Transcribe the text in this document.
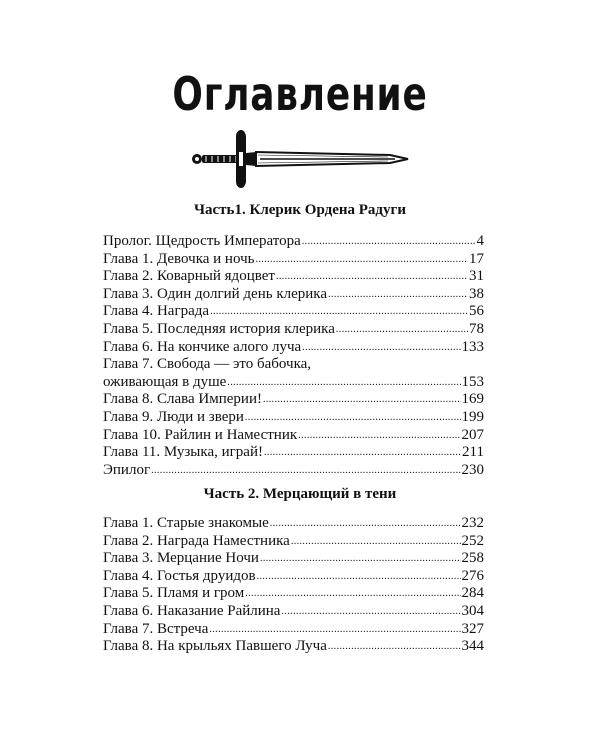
Оглавление
Часть1. Клерик Ордена Радуги
Пролог. Щедрость Императора .....	4
Глава 1. Девочка и ночь .....	17
Глава 2. Коварный ядоцвет .....	31
Глава 3. Один долгий день клерика .....	38
Глава 4. Награда .....	56
Глава 5. Последняя история клерика .....	78
Глава 6. На кончике алого луча .....	133
Глава 7. Свобода — это бабочка,
оживающая в душе .....	153
Глава 8. Слава Империи! .....	169
Глава 9. Люди и звери .....	199
Глава 10. Райлин и Наместник .....	207
Глава 11. Музыка, играй! .....	211
Эпилог .....	230
Часть 2. Мерцающий в тени
Глава 1. Старые знакомые .....	232
Глава 2. Награда Наместника .....	252
Глава 3. Мерцание Ночи .....	258
Глава 4. Гостья друидов .....	276
Глава 5. Пламя и гром .....	284
Глава 6. Наказание Райлина .....	304
Глава 7. Встреча .....	327
Глава 8. На крыльях Павшего Луча .....	344
